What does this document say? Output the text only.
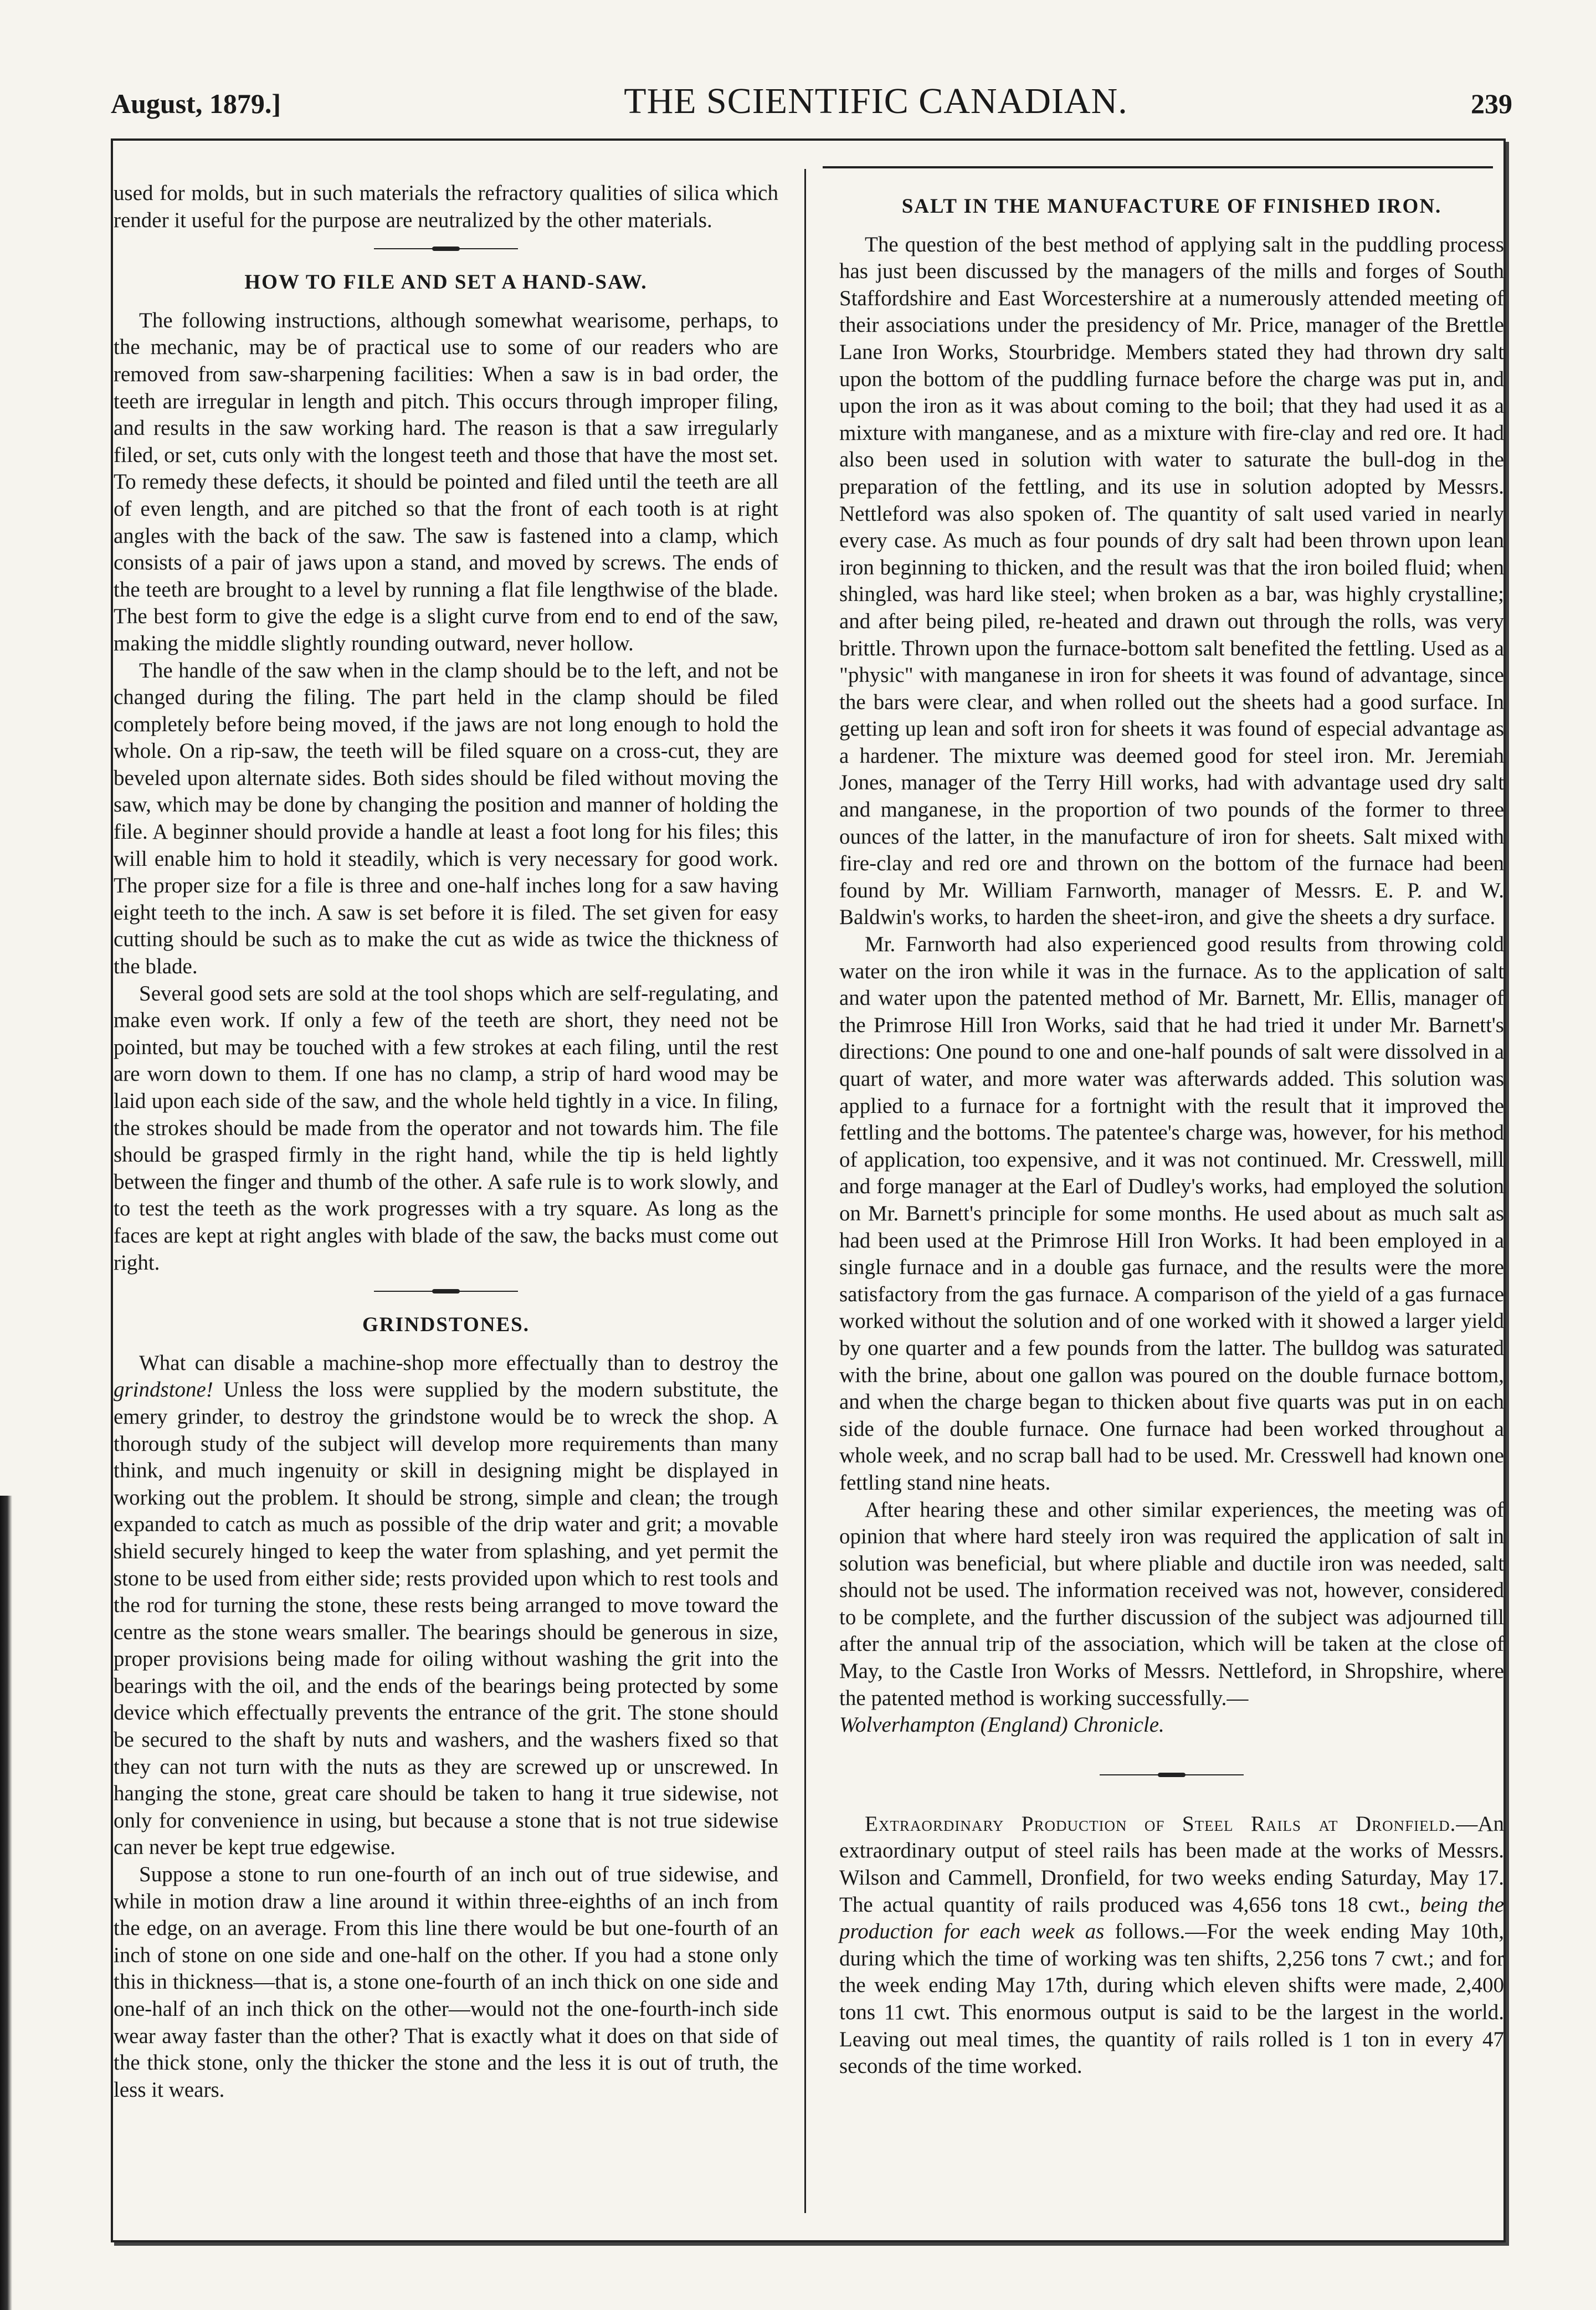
August, 1879.]	THE SCIENTIFIC CANADIAN.	239

used for molds, but in such materials the refractory qualities of silica which render it useful for the purpose are neutralized by the other materials.

HOW TO FILE AND SET A HAND-SAW.

The following instructions, although somewhat wearisome, perhaps, to the mechanic, may be of practical use to some of our readers who are removed from saw-sharpening facilities: When a saw is in bad order, the teeth are irregular in length and pitch. This occurs through improper filing, and results in the saw working hard. The reason is that a saw irregularly filed, or set, cuts only with the longest teeth and those that have the most set. To remedy these defects, it should be pointed and filed until the teeth are all of even length, and are pitched so that the front of each tooth is at right angles with the back of the saw. The saw is fastened into a clamp, which consists of a pair of jaws upon a stand, and moved by screws. The ends of the teeth are brought to a level by running a flat file lengthwise of the blade. The best form to give the edge is a slight curve from end to end of the saw, making the middle slightly rounding outward, never hollow.

The handle of the saw when in the clamp should be to the left, and not be changed during the filing. The part held in the clamp should be filed completely before being moved, if the jaws are not long enough to hold the whole. On a rip-saw, the teeth will be filed square on a cross-cut, they are beveled upon alternate sides. Both sides should be filed without moving the saw, which may be done by changing the position and manner of holding the file. A beginner should provide a handle at least a foot long for his files; this will enable him to hold it steadily, which is very necessary for good work. The proper size for a file is three and one-half inches long for a saw having eight teeth to the inch. A saw is set before it is filed. The set given for easy cutting should be such as to make the cut as wide as twice the thickness of the blade.

Several good sets are sold at the tool shops which are self-regulating, and make even work. If only a few of the teeth are short, they need not be pointed, but may be touched with a few strokes at each filing, until the rest are worn down to them. If one has no clamp, a strip of hard wood may be laid upon each side of the saw, and the whole held tightly in a vice. In filing, the strokes should be made from the operator and not towards him. The file should be grasped firmly in the right hand, while the tip is held lightly between the finger and thumb of the other. A safe rule is to work slowly, and to test the teeth as the work progresses with a try square. As long as the faces are kept at right angles with blade of the saw, the backs must come out right.

GRINDSTONES.

What can disable a machine-shop more effectually than to destroy the grindstone! Unless the loss were supplied by the modern substitute, the emery grinder, to destroy the grindstone would be to wreck the shop. A thorough study of the subject will develop more requirements than many think, and much ingenuity or skill in designing might be displayed in working out the problem. It should be strong, simple and clean; the trough expanded to catch as much as possible of the drip water and grit; a movable shield securely hinged to keep the water from splashing, and yet permit the stone to be used from either side; rests provided upon which to rest tools and the rod for turning the stone, these rests being arranged to move toward the centre as the stone wears smaller. The bearings should be generous in size, proper provisions being made for oiling without washing the grit into the bearings with the oil, and the ends of the bearings being protected by some device which effectually prevents the entrance of the grit. The stone should be secured to the shaft by nuts and washers, and the washers fixed so that they can not turn with the nuts as they are screwed up or unscrewed. In hanging the stone, great care should be taken to hang it true sidewise, not only for convenience in using, but because a stone that is not true sidewise can never be kept true edgewise.

Suppose a stone to run one-fourth of an inch out of true sidewise, and while in motion draw a line around it within three-eighths of an inch from the edge, on an average. From this line there would be but one-fourth of an inch of stone on one side and one-half on the other. If you had a stone only this in thickness—that is, a stone one-fourth of an inch thick on one side and one-half of an inch thick on the other—would not the one-fourth-inch side wear away faster than the other? That is exactly what it does on that side of the thick stone, only the thicker the stone and the less it is out of truth, the less it wears.

SALT IN THE MANUFACTURE OF FINISHED IRON.

The question of the best method of applying salt in the puddling process has just been discussed by the managers of the mills and forges of South Staffordshire and East Worcestershire at a numerously attended meeting of their associations under the presidency of Mr. Price, manager of the Brettle Lane Iron Works, Stourbridge. Members stated they had thrown dry salt upon the bottom of the puddling furnace before the charge was put in, and upon the iron as it was about coming to the boil; that they had used it as a mixture with manganese, and as a mixture with fire-clay and red ore. It had also been used in solution with water to saturate the bull-dog in the preparation of the fettling, and its use in solution adopted by Messrs. Nettleford was also spoken of. The quantity of salt used varied in nearly every case. As much as four pounds of dry salt had been thrown upon lean iron beginning to thicken, and the result was that the iron boiled fluid; when shingled, was hard like steel; when broken as a bar, was highly crystalline; and after being piled, re-heated and drawn out through the rolls, was very brittle. Thrown upon the furnace-bottom salt benefited the fettling. Used as a "physic" with manganese in iron for sheets it was found of advantage, since the bars were clear, and when rolled out the sheets had a good surface. In getting up lean and soft iron for sheets it was found of especial advantage as a hardener. The mixture was deemed good for steel iron. Mr. Jeremiah Jones, manager of the Terry Hill works, had with advantage used dry salt and manganese, in the proportion of two pounds of the former to three ounces of the latter, in the manufacture of iron for sheets. Salt mixed with fire-clay and red ore and thrown on the bottom of the furnace had been found by Mr. William Farnworth, manager of Messrs. E. P. and W. Baldwin's works, to harden the sheet-iron, and give the sheets a dry surface.

Mr. Farnworth had also experienced good results from throwing cold water on the iron while it was in the furnace. As to the application of salt and water upon the patented method of Mr. Barnett, Mr. Ellis, manager of the Primrose Hill Iron Works, said that he had tried it under Mr. Barnett's directions: One pound to one and one-half pounds of salt were dissolved in a quart of water, and more water was afterwards added. This solution was applied to a furnace for a fortnight with the result that it improved the fettling and the bottoms. The patentee's charge was, however, for his method of application, too expensive, and it was not continued. Mr. Cresswell, mill and forge manager at the Earl of Dudley's works, had employed the solution on Mr. Barnett's principle for some months. He used about as much salt as had been used at the Primrose Hill Iron Works. It had been employed in a single furnace and in a double gas furnace, and the results were the more satisfactory from the gas furnace. A comparison of the yield of a gas furnace worked without the solution and of one worked with it showed a larger yield by one quarter and a few pounds from the latter. The bulldog was saturated with the brine, about one gallon was poured on the double furnace bottom, and when the charge began to thicken about five quarts was put in on each side of the double furnace. One furnace had been worked throughout a whole week, and no scrap ball had to be used. Mr. Cresswell had known one fettling stand nine heats.

After hearing these and other similar experiences, the meeting was of opinion that where hard steely iron was required the application of salt in solution was beneficial, but where pliable and ductile iron was needed, salt should not be used. The information received was not, however, considered to be complete, and the further discussion of the subject was adjourned till after the annual trip of the association, which will be taken at the close of May, to the Castle Iron Works of Messrs. Nettleford, in Shropshire, where the patented method is working successfully.—

Wolverhampton (England) Chronicle.

Extraordinary Production of Steel Rails at Dronfield.—An extraordinary output of steel rails has been made at the works of Messrs. Wilson and Cammell, Dronfield, for two weeks ending Saturday, May 17. The actual quantity of rails produced was 4,656 tons 18 cwt., being the production for each week as follows.—For the week ending May 10th, during which the time of working was ten shifts, 2,256 tons 7 cwt.; and for the week ending May 17th, during which eleven shifts were made, 2,400 tons 11 cwt. This enormous output is said to be the largest in the world. Leaving out meal times, the quantity of rails rolled is 1 ton in every 47 seconds of the time worked.
